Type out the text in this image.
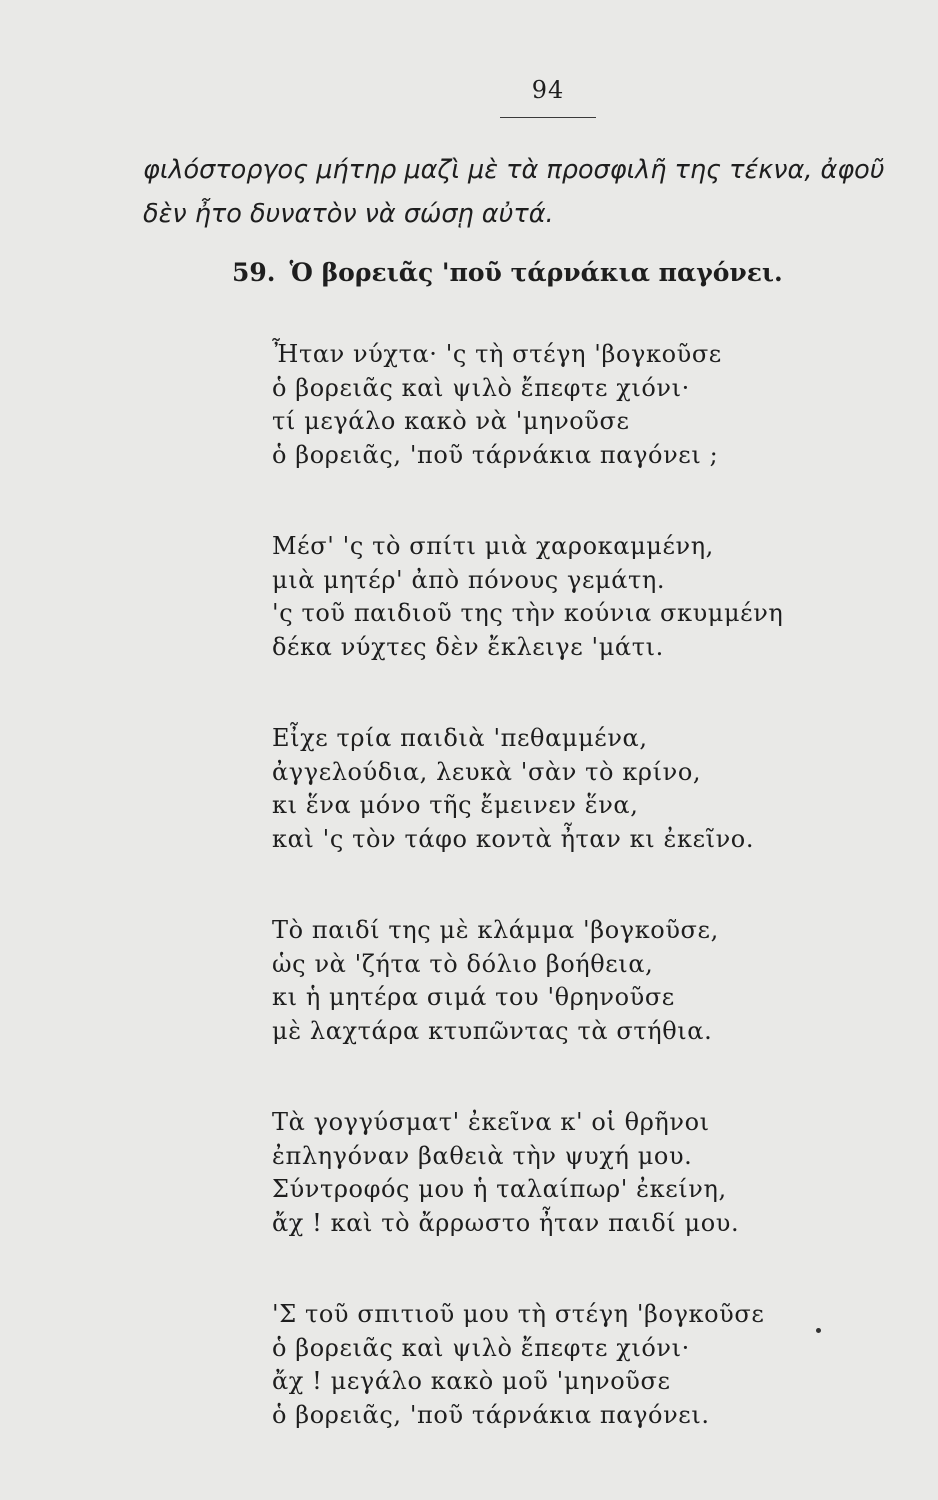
94
φιλόστοργος μήτηρ μαζὶ μὲ τὰ προσφιλῆ της τέκνα, ἀφοῦ
δὲν ἦτο δυνατὸν νὰ σώσῃ αὐτά.
59. Ὁ βορειᾶς 'ποῦ τάρνάκια παγόνει.
Ἦταν νύχτα· 'ς τὴ στέγη 'βογκοῦσε
ὁ βορειᾶς καὶ ψιλὸ ἔπεφτε χιόνι·
τί μεγάλο κακὸ νὰ 'μηνοῦσε
ὁ βορειᾶς, 'ποῦ τάρνάκια παγόνει ;
Μέσ' 'ς τὸ σπίτι μιὰ χαροκαμμένη,
μιὰ μητέρ' ἀπὸ πόνους γεμάτη.
'ς τοῦ παιδιοῦ της τὴν κούνια σκυμμένη
δέκα νύχτες δὲν ἔκλειγε 'μάτι.
Εἶχε τρία παιδιὰ 'πεθαμμένα,
ἀγγελούδια, λευκὰ 'σὰν τὸ κρίνο,
κι ἕνα μόνο τῆς ἔμεινεν ἕνα,
καὶ 'ς τὸν τάφο κοντὰ ἦταν κι ἐκεῖνο.
Τὸ παιδί της μὲ κλάμμα 'βογκοῦσε,
ὡς νὰ 'ζήτα τὸ δόλιο βοήθεια,
κι ἡ μητέρα σιμά του 'θρηνοῦσε
μὲ λαχτάρα κτυπῶντας τὰ στήθια.
Τὰ γογγύσματ' ἐκεῖνα κ' οἱ θρῆνοι
ἐπληγόναν βαθειὰ τὴν ψυχή μου.
Σύντροφός μου ἡ ταλαίπωρ' ἐκείνη,
ἄχ ! καὶ τὸ ἄρρωστο ἦταν παιδί μου.
'Σ τοῦ σπιτιοῦ μου τὴ στέγη 'βογκοῦσε
ὁ βορειᾶς καὶ ψιλὸ ἔπεφτε χιόνι·
ἄχ ! μεγάλο κακὸ μοῦ 'μηνοῦσε
ὁ βορειᾶς, 'ποῦ τάρνάκια παγόνει.
